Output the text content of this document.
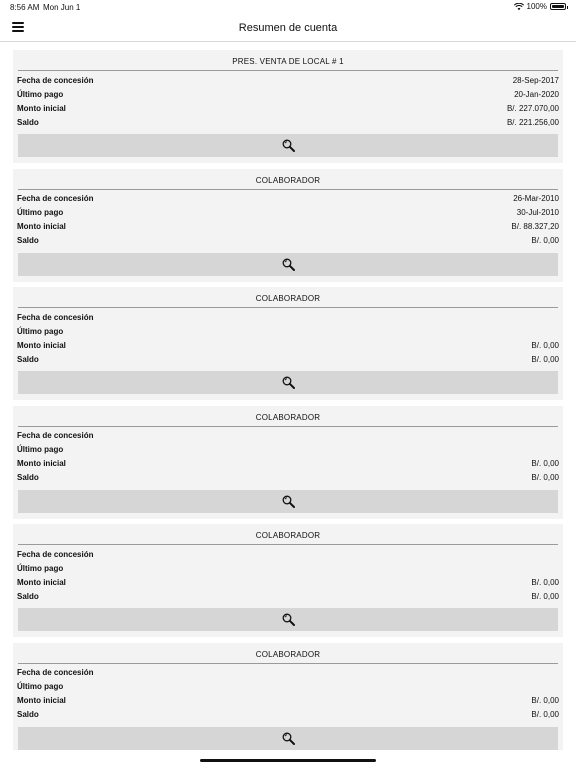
8:56 AM Mon Jun 1	100%
Resumen de cuenta
PRES. VENTA DE LOCAL # 1
Fecha de concesión	28-Sep-2017
Último pago	20-Jan-2020
Monto inicial	B/. 227.070,00
Saldo	B/. 221.256,00
COLABORADOR
Fecha de concesión	26-Mar-2010
Último pago	30-Jul-2010
Monto inicial	B/. 88.327,20
Saldo	B/. 0,00
COLABORADOR
Fecha de concesión
Último pago
Monto inicial	B/. 0,00
Saldo	B/. 0,00
COLABORADOR
Fecha de concesión
Último pago
Monto inicial	B/. 0,00
Saldo	B/. 0,00
COLABORADOR
Fecha de concesión
Último pago
Monto inicial	B/. 0,00
Saldo	B/. 0,00
COLABORADOR
Fecha de concesión
Último pago
Monto inicial	B/. 0,00
Saldo	B/. 0,00
